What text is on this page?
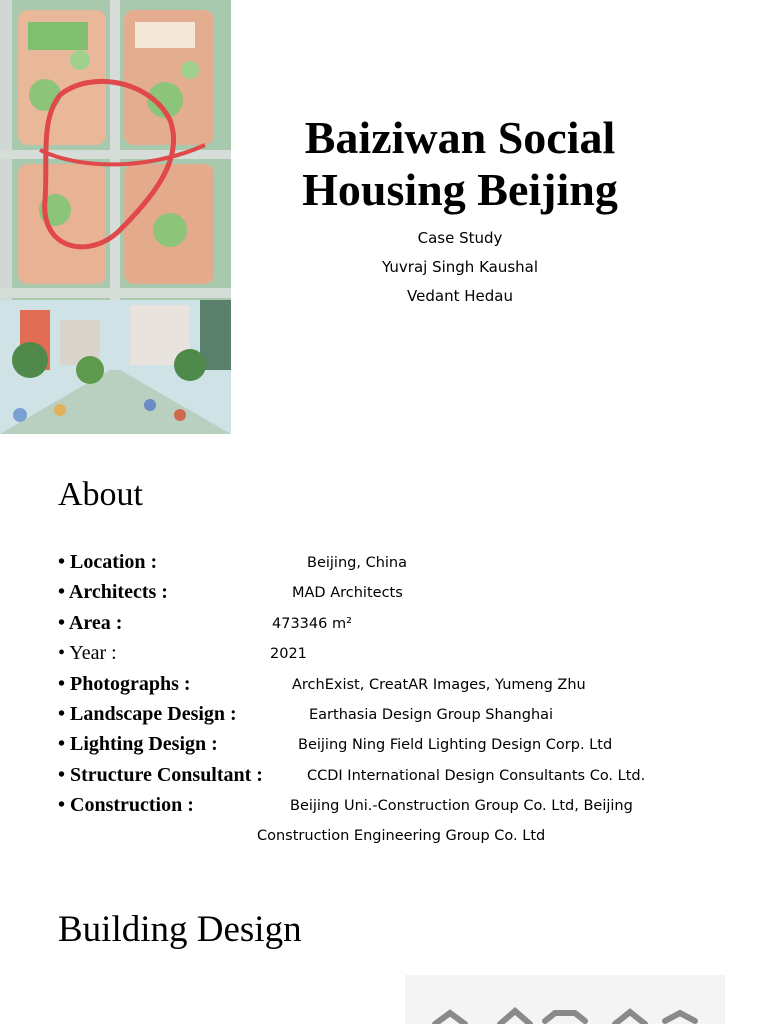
Baiziwan Social
Housing Beijing
Case Study
Yuvraj Singh Kaushal
Vedant Hedau
About
• Location :	Beijing, China
• Architects :	MAD Architects
• Area :	473346 m²
• Year :	2021
• Photographs :	ArchExist, CreatAR Images, Yumeng Zhu
• Landscape Design :	Earthasia Design Group Shanghai
• Lighting Design :	Beijing Ning Field Lighting Design Corp. Ltd
• Structure Consultant :	CCDI International Design Consultants Co. Ltd.
• Construction :	Beijing Uni.-Construction Group Co. Ltd, Beijing
Construction Engineering Group Co. Ltd
Building Design
